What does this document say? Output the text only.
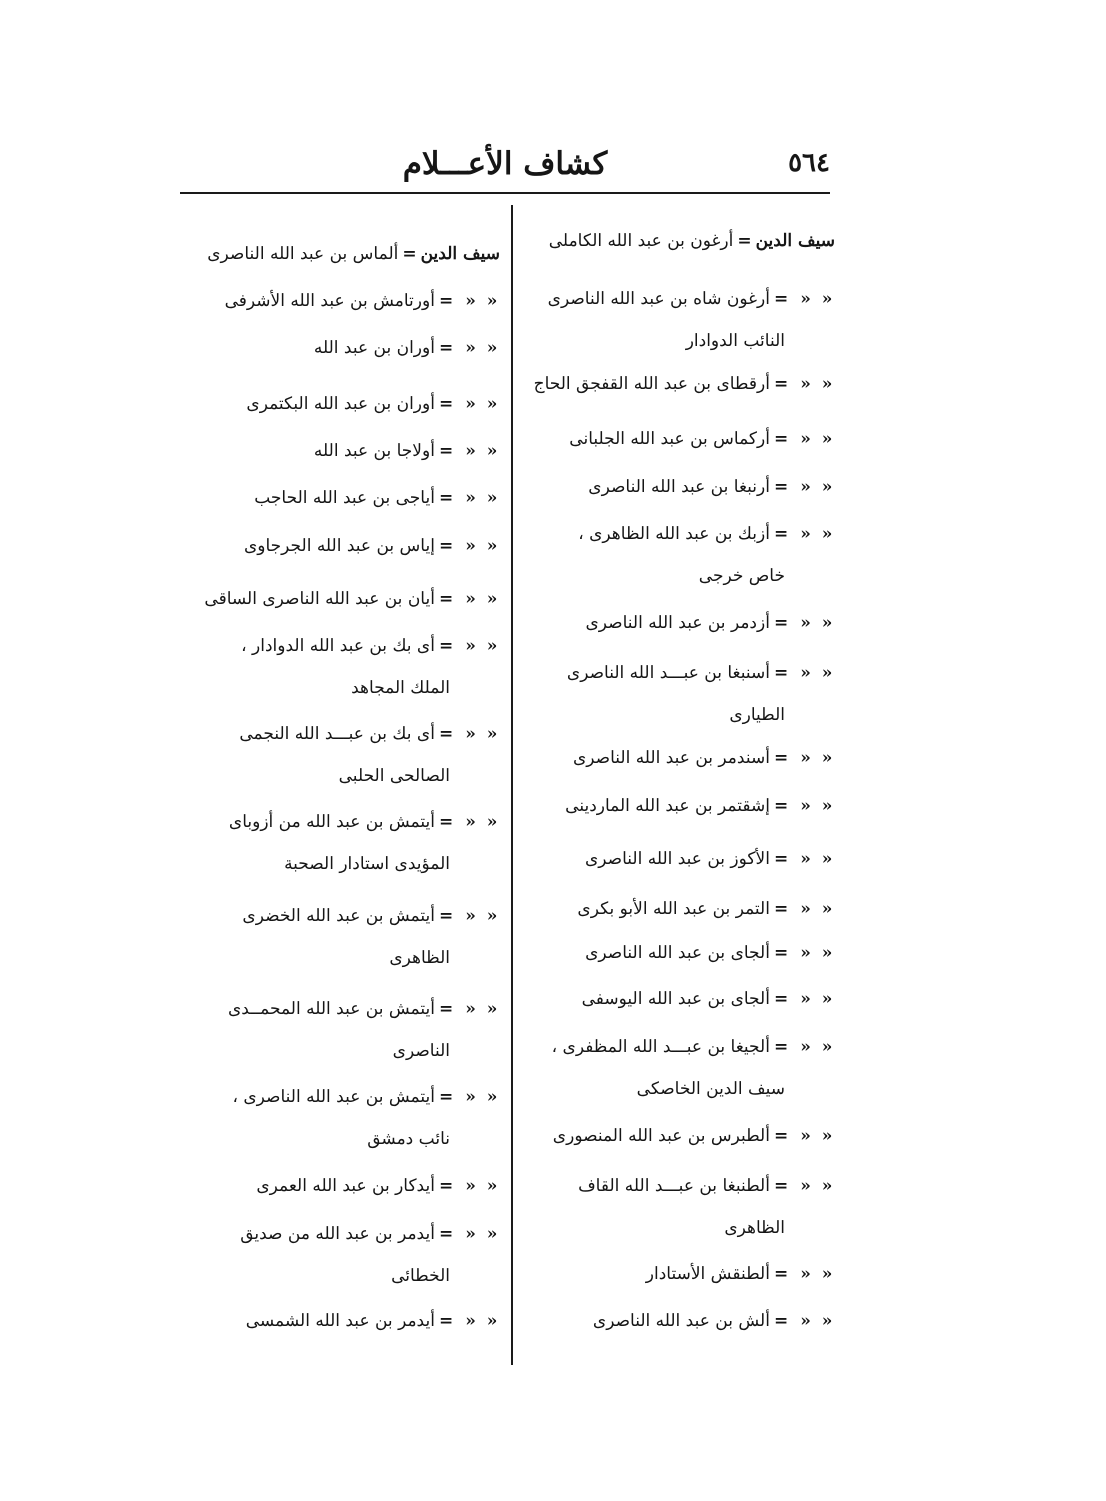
كشاف الأعـــلام	٥٦٤
سيف الدين=أرغون بن عبد الله الكاملى
« « =أرغون شاه بن عبد الله الناصرى
النائب الدوادار
« « =أرقطاى بن عبد الله القفجق الحاج
« « =أركماس بن عبد الله الجلبانى
« « =أرنبغا بن عبد الله الناصرى
« « =أزبك بن عبد الله الظاهرى ،
خاص خرجى
« « =أزدمر بن عبد الله الناصرى
« « =أسنبغا بن عبـــد الله الناصرى
الطيارى
« « =أسندمر بن عبد الله الناصرى
« « =إشقتمر بن عبد الله الماردينى
« « =الأكوز بن عبد الله الناصرى
« « =التمر بن عبد الله الأبو بكرى
« « =ألجاى بن عبد الله الناصرى
« « =ألجاى بن عبد الله اليوسفى
« « =ألجيغا بن عبـــد الله المظفرى ،
سيف الدين الخاصكى
« « =ألطبرس بن عبد الله المنصورى
« « =ألطنبغا بن عبـــد الله القاف
الظاهرى
« « =ألطنقش الأستادار
« « =ألش بن عبد الله الناصرى
سيف الدين=ألماس بن عبد الله الناصرى
« « =أورتامش بن عبد الله الأشرفى
« « =أوران بن عبد الله
« « =أوران بن عبد الله البكتمرى
« « =أولاجا بن عبد الله
« « =أياجى بن عبد الله الحاجب
« « =إياس بن عبد الله الجرجاوى
« « =أيان بن عبد الله الناصرى الساقى
« « =أى بك بن عبد الله الدوادار ،
الملك المجاهد
« « =أى بك بن عبـــد الله النجمى
الصالحى الحلبى
« « =أيتمش بن عبد الله من أزوباى
المؤيدى استادار الصحبة
« « =أيتمش بن عبد الله الخضرى
الظاهرى
« « =أيتمش بن عبد الله المحمــدى
الناصرى
« « =أيتمش بن عبد الله الناصرى ،
نائب دمشق
« « =أيدكار بن عبد الله العمرى
« « =أيدمر بن عبد الله من صديق
الخطائى
« « =أيدمر بن عبد الله الشمسى
